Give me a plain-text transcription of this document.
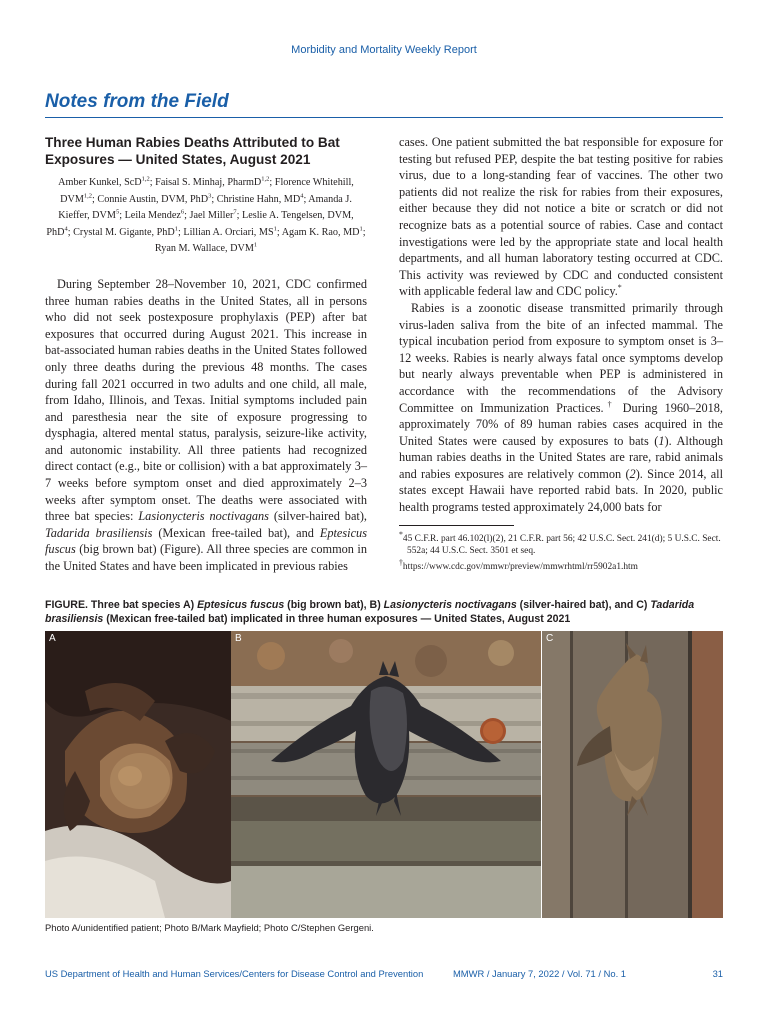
Morbidity and Mortality Weekly Report
Notes from the Field
Three Human Rabies Deaths Attributed to Bat
Exposures — United States, August 2021
Amber Kunkel, ScD$^{1,2}$; Faisal S. Minhaj, PharmD$^{1,2}$; Florence Whitehill, DVM$^{1,2}$; Connie Austin, DVM, PhD$^3$; Christine Hahn, $MD^4$; Amanda J. Kieffer, DVM$^5$; Leila Mendez$^6$; Jael Miller$^7$; Leslie A. Tengelsen, DVM, PhD$^4$; Crystal M. Gigante, PhD$^1$; Lillian A. Orciari, $MS^1$; Agam K. Rao, $MD^1$; Ryan M. Wallace, DVM$^1$

During September 28–November 10, 2021, CDC confirmed three human rabies deaths in the United States, all in persons who did not seek postexposure prophylaxis (PEP) after bat exposures that occurred during August 2021. This increase in bat-associated human rabies deaths in the United States followed only three deaths during the previous 48 months. The cases during fall 2021 occurred in two adults and one child, all male, from Idaho, Illinois, and Texas. Initial symptoms included pain and paresthesia near the site of exposure progressing to dysphagia, altered mental status, paralysis, seizure-like activity, and autonomic instability. All three patients had recognized direct contact (e.g., bite or collision) with a bat approximately 3–7 weeks before symptom onset and died approximately 2–3 weeks after symptom onset. The deaths were associated with three bat species: Lasionycteris noctivagans (silver-haired bat), Tadarida brasiliensis (Mexican free-tailed bat), and Eptesicus fuscus (big brown bat) (Figure). All three species are common in the United States and have been implicated in previous rabies

cases. One patient submitted the bat responsible for exposure for testing but refused PEP, despite the bat testing positive for rabies virus, due to a long-standing fear of vaccines. The other two patients did not realize the risk for rabies from their exposures, either because they did not notice a bite or scratch or did not recognize bats as a potential source of rabies. Case and contact investigations were led by the appropriate state and local health departments, and all human laboratory testing occurred at CDC. This activity was reviewed by CDC and conducted consistent with applicable federal law and CDC policy.*

Rabies is a zoonotic disease transmitted primarily through virus-laden saliva from the bite of an infected mammal. The typical incubation period from exposure to symptom onset is 3–12 weeks. Rabies is nearly always fatal once symptoms develop but nearly always preventable when PEP is administered in accordance with the recommendations of the Advisory Committee on Immunization Practices.† During 1960–2018, approximately 70% of 89 human rabies cases acquired in the United States were caused by exposures to bats (1). Although human rabies deaths in the United States are rare, rabid animals and rabies exposures are relatively common (2). Since 2014, all states except Hawaii have reported rabid bats. In 2020, public health programs tested approximately 24,000 bats for

*45 C.F.R. part 46.102(l)(2), 21 C.F.R. part 56; 42 U.S.C. Sect. 241(d); 5 U.S.C. Sect. 552a; 44 U.S.C. Sect. 3501 et seq.
†https://www.cdc.gov/mmwr/preview/mmwrhtml/rr5902a1.htm
FIGURE. Three bat species A) Eptesicus fuscus (big brown bat), B) Lasionycteris noctivagans (silver-haired bat), and C) Tadarida brasiliensis (Mexican free-tailed bat) implicated in three human exposures — United States, August 2021
A	B	C
Photo A/unidentified patient; Photo B/Mark Mayfield; Photo C/Stephen Gergeni.
US Department of Health and Human Services/Centers for Disease Control and Prevention	MMWR / January 7, 2022 / Vol. 71 / No. 1	31
